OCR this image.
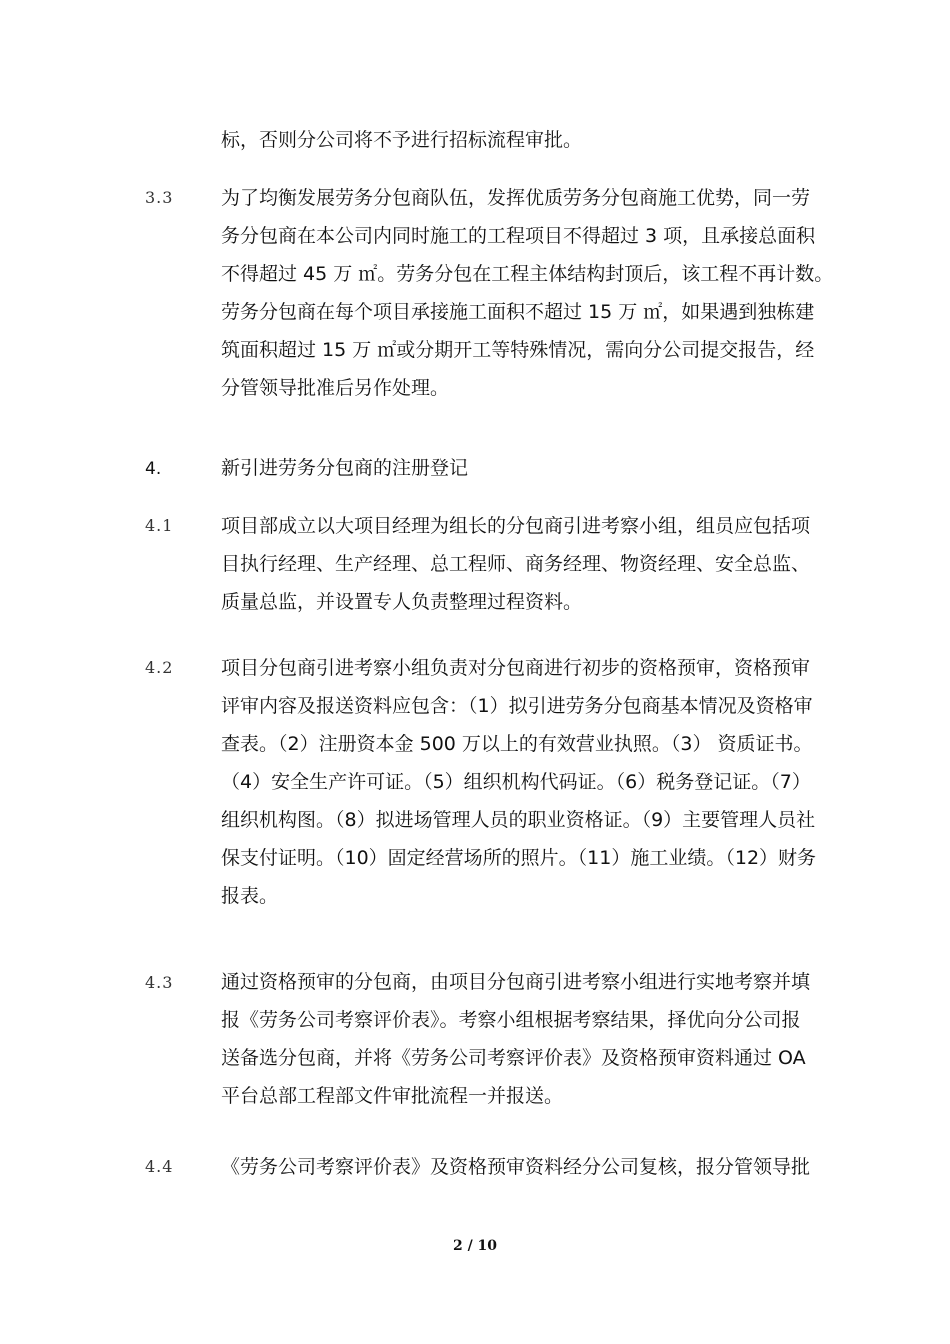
标，否则分公司将不予进行招标流程审批。
3.3	为了均衡发展劳务分包商队伍，发挥优质劳务分包商施工优势，同一劳
务分包商在本公司内同时施工的工程项目不得超过 3 项，且承接总面积
不得超过 45 万 ㎡。劳务分包在工程主体结构封顶后，该工程不再计数。
劳务分包商在每个项目承接施工面积不超过 15 万 ㎡，如果遇到独栋建
筑面积超过 15 万 ㎡或分期开工等特殊情况，需向分公司提交报告，经
分管领导批准后另作处理。
4.	新引进劳务分包商的注册登记
4.1	项目部成立以大项目经理为组长的分包商引进考察小组，组员应包括项
目执行经理、生产经理、总工程师、商务经理、物资经理、安全总监、
质量总监，并设置专人负责整理过程资料。
4.2	项目分包商引进考察小组负责对分包商进行初步的资格预审，资格预审
评审内容及报送资料应包含：（1）拟引进劳务分包商基本情况及资格审
查表。（2）注册资本金 500 万以上的有效营业执照。（3） 资质证书。
（4）安全生产许可证。（5）组织机构代码证。（6）税务登记证。（7）
组织机构图。（8）拟进场管理人员的职业资格证。（9）主要管理人员社
保支付证明。（10）固定经营场所的照片。（11）施工业绩。（12）财务
报表。
4.3	通过资格预审的分包商，由项目分包商引进考察小组进行实地考察并填
报《劳务公司考察评价表》。考察小组根据考察结果，择优向分公司报
送备选分包商，并将《劳务公司考察评价表》及资格预审资料通过 OA
平台总部工程部文件审批流程一并报送。
4.4	《劳务公司考察评价表》及资格预审资料经分公司复核，报分管领导批
2 / 10
